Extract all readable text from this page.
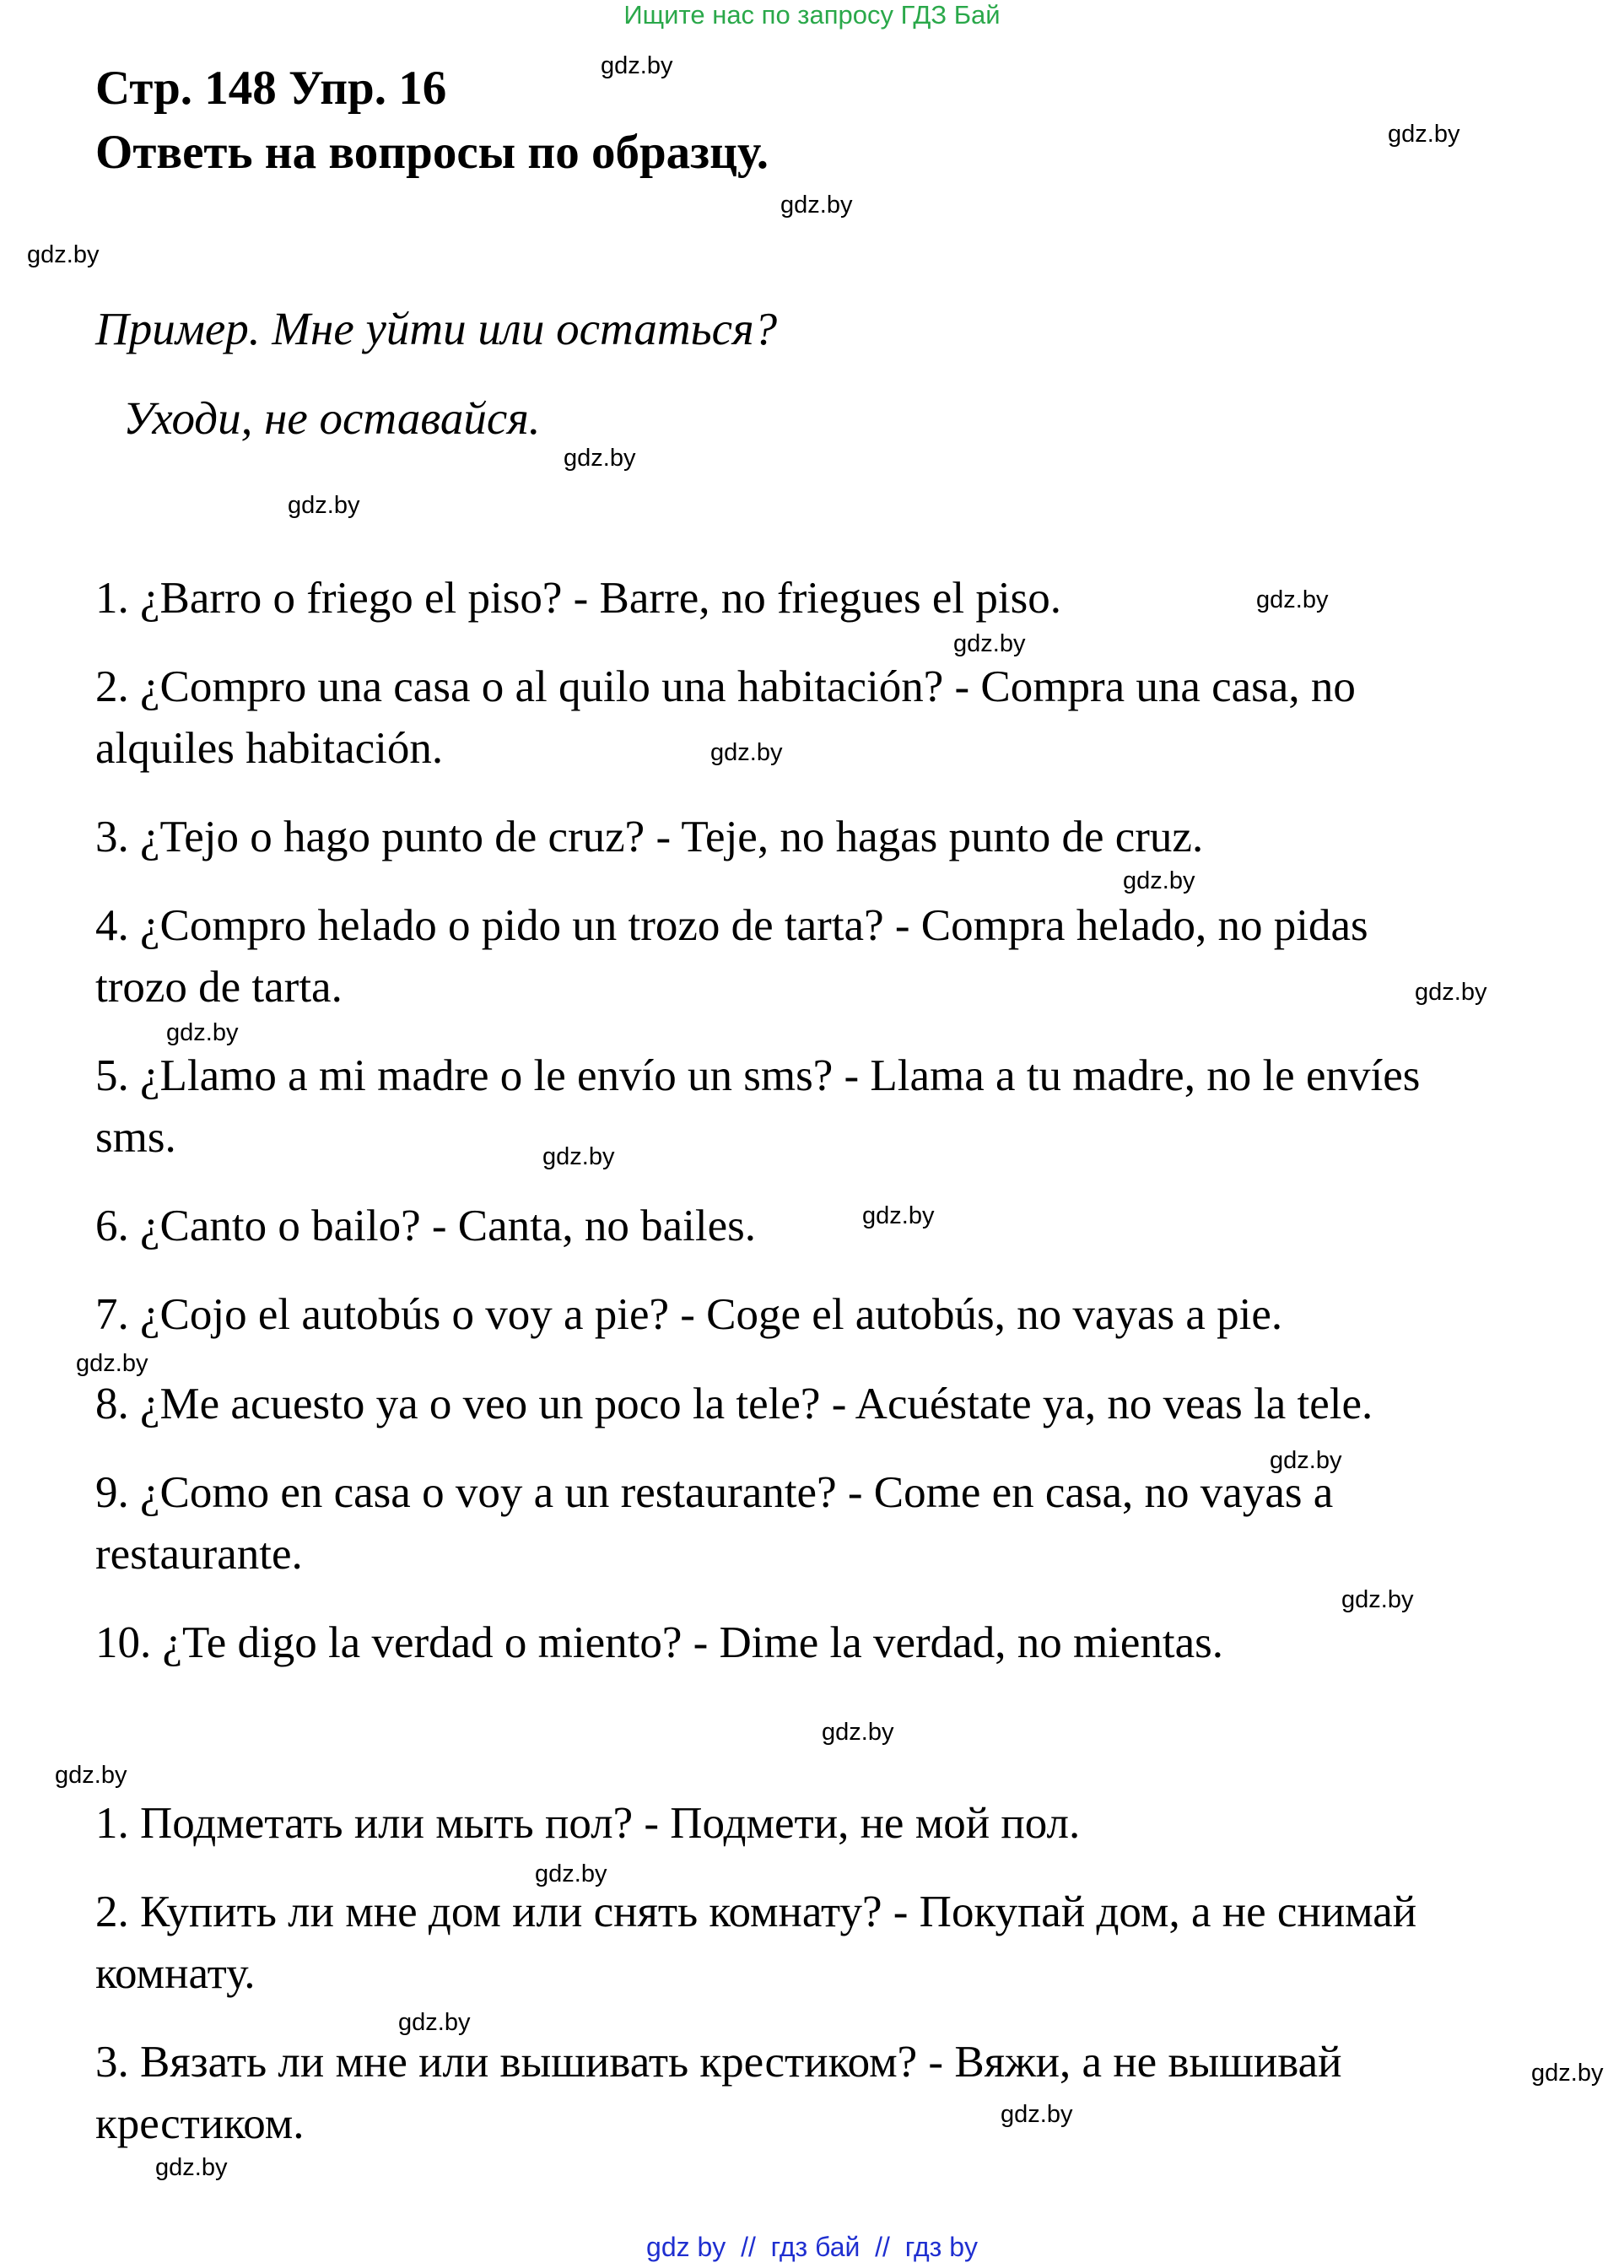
Ищите нас по запросу ГДЗ Бай
Стр. 148 Упр. 16
Ответь на вопросы по образцу.
Пример. Мне уйти или остаться?
Уходи, не оставайся.
1. ¿Barro o friego el piso? - Barre, no friegues el piso.
2. ¿Compro una casa o al quilo una habitación? - Compra una casa, no
alquiles habitación.
3. ¿Tejo o hago punto de cruz? - Teje, no hagas punto de cruz.
4. ¿Compro helado o pido un trozo de tarta? - Compra helado, no pidas
trozo de tarta.
5. ¿Llamo a mi madre o le envío un sms? - Llama a tu madre, no le envíes
sms.
6. ¿Canto o bailo? - Canta, no bailes.
7. ¿Cojo el autobús o voy a pie? - Coge el autobús, no vayas a pie.
8. ¿Me acuesto ya o veo un poco la tele? - Acuéstate ya, no veas la tele.
9. ¿Como en casa o voy a un restaurante? - Come en casa, no vayas a
restaurante.
10. ¿Te digo la verdad o miento? - Dime la verdad, no mientas.
1. Подметать или мыть пол? - Подмети, не мой пол.
2. Купить ли мне дом или снять комнату? - Покупай дом, а не снимай
комнату.
3. Вязать ли мне или вышивать крестиком? - Вяжи, а не вышивай
крестиком.
gdz.by
gdz.by
gdz.by
gdz.by
gdz.by
gdz.by
gdz.by
gdz.by
gdz.by
gdz.by
gdz.by
gdz.by
gdz.by
gdz.by
gdz.by
gdz.by
gdz.by
gdz.by
gdz.by
gdz.by
gdz.by
gdz.by
gdz.by
gdz.by
gdz by  //  гдз бай  //  гдз by
